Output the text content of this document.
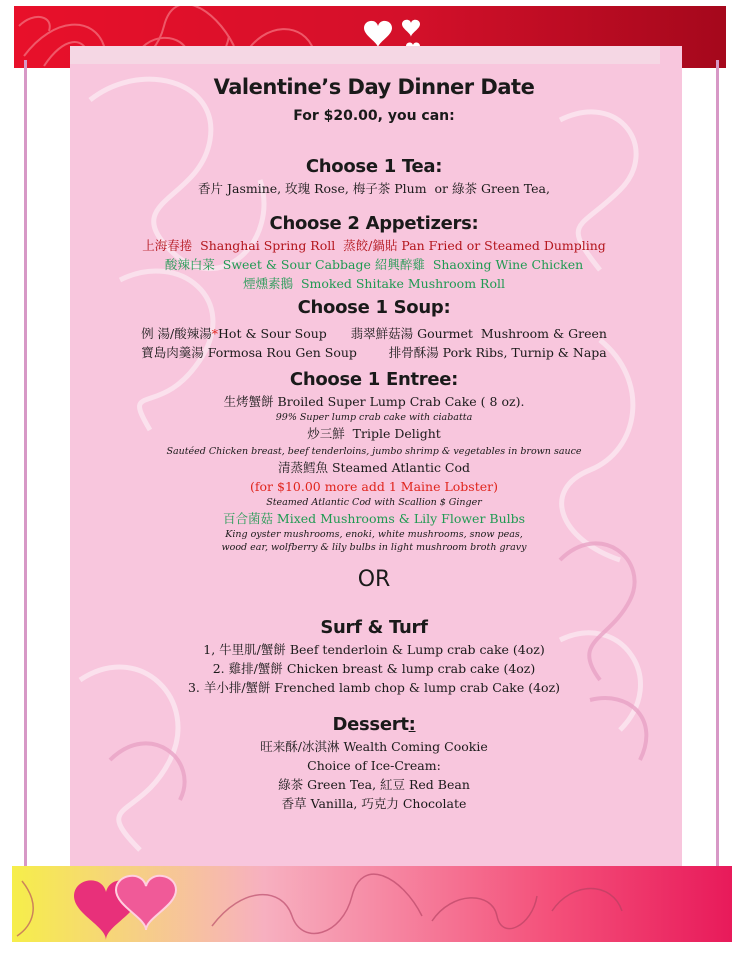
Valentine’s Day Dinner Date
For $20.00, you can:
Choose 1 Tea:
香片 Jasmine, 玫瑰 Rose, 梅子茶 Plum  or 綠茶 Green Tea,
Choose 2 Appetizers:
上海春捲  Shanghai Spring Roll  蒸餃/鍋貼 Pan Fried or Steamed Dumpling
酸辣白菜  Sweet & Sour Cabbage 紹興醉雞  Shaoxing Wine Chicken
煙燻素鵝  Smoked Shitake Mushroom Roll
Choose 1 Soup:
例 湯/酸辣湯*Hot & Sour Soup      翡翠鮮菇湯 Gourmet  Mushroom & Green
寶島肉羹湯 Formosa Rou Gen Soup        排骨酥湯 Pork Ribs, Turnip & Napa
Choose 1 Entree:
生烤蟹餅 Broiled Super Lump Crab Cake ( 8 oz).
99% Super lump crab cake with ciabatta
炒三鮮  Triple Delight
Sautéed Chicken breast, beef tenderloins, jumbo shrimp & vegetables in brown sauce
清蒸鱈魚 Steamed Atlantic Cod
(for $10.00 more add 1 Maine Lobster)
Steamed Atlantic Cod with Scallion $ Ginger
百合菌菇 Mixed Mushrooms & Lily Flower Bulbs
King oyster mushrooms, enoki, white mushrooms, snow peas,
wood ear, wolfberry & lily bulbs in light mushroom broth gravy
OR
Surf & Turf
1, 牛里肌/蟹餅 Beef tenderloin & Lump crab cake (4oz)
2. 雞排/蟹餅 Chicken breast & lump crab cake (4oz)
3. 羊小排/蟹餅 Frenched lamb chop & lump crab Cake (4oz)
Dessert:
旺来酥/冰淇淋 Wealth Coming Cookie
Choice of Ice-Cream:
綠茶 Green Tea, 紅豆 Red Bean
香草 Vanilla, 巧克力 Chocolate
